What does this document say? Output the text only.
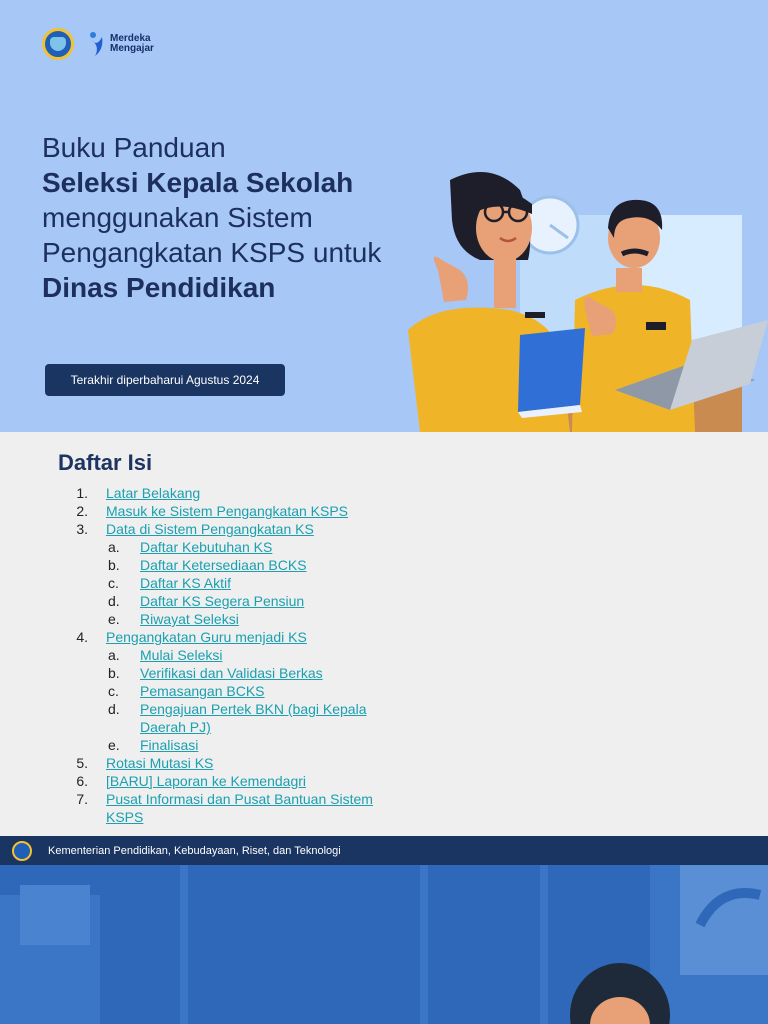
Merdeka
Mengajar
Buku Panduan
Seleksi Kepala Sekolah
menggunakan Sistem
Pengangkatan KSPS untuk
Dinas Pendidikan
Terakhir diperbaharui Agustus 2024
Daftar Isi
1.	Latar Belakang
2.	Masuk ke Sistem Pengangkatan KSPS
3.	Data di Sistem Pengangkatan KS
a.	Daftar Kebutuhan KS
b.	Daftar Ketersediaan BCKS
c.	Daftar KS Aktif
d.	Daftar KS Segera Pensiun
e.	Riwayat Seleksi
4.	Pengangkatan Guru menjadi KS
a.	Mulai Seleksi
b.	Verifikasi dan Validasi Berkas
c.	Pemasangan BCKS
d.	Pengajuan Pertek BKN (bagi Kepala
Daerah PJ)
e.	Finalisasi
5.	Rotasi Mutasi KS
6.	[BARU] Laporan ke Kemendagri
7.	Pusat Informasi dan Pusat Bantuan Sistem
KSPS
Kementerian Pendidikan, Kebudayaan, Riset, dan Teknologi
